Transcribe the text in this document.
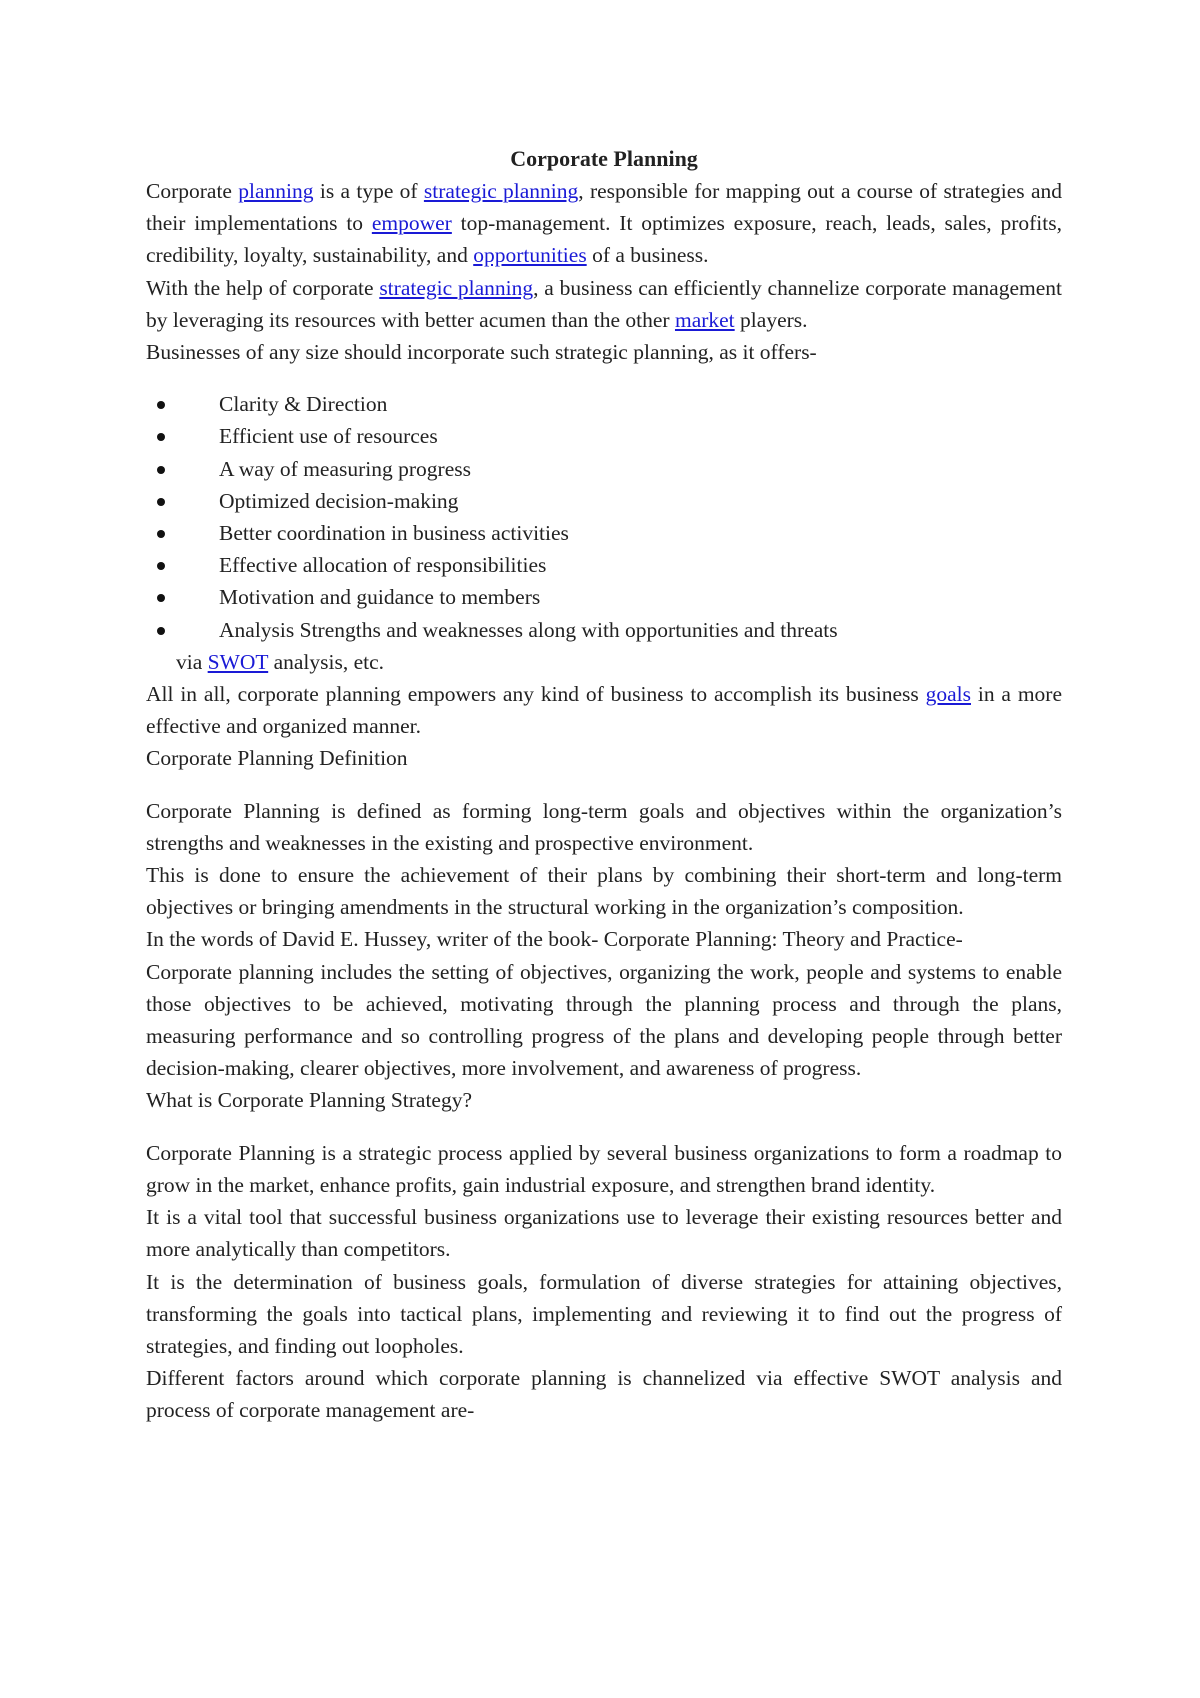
Corporate Planning

Corporate planning is a type of strategic planning, responsible for mapping out a course of strategies and their implementations to empower top-management. It optimizes exposure, reach, leads, sales, profits, credibility, loyalty, sustainability, and opportunities of a business.

With the help of corporate strategic planning, a business can efficiently channelize corporate management by leveraging its resources with better acumen than the other market players.

Businesses of any size should incorporate such strategic planning, as it offers-

Clarity & Direction
Efficient use of resources
A way of measuring progress
Optimized decision-making
Better coordination in business activities
Effective allocation of responsibilities
Motivation and guidance to members
Analysis Strengths and weaknesses along with opportunities and threats
via SWOT analysis, etc.

All in all, corporate planning empowers any kind of business to accomplish its business goals in a more effective and organized manner.

Corporate Planning Definition

Corporate Planning is defined as forming long-term goals and objectives within the organization’s strengths and weaknesses in the existing and prospective environment.

This is done to ensure the achievement of their plans by combining their short-term and long-term objectives or bringing amendments in the structural working in the organization’s composition.

In the words of David E. Hussey, writer of the book- Corporate Planning: Theory and Practice-

Corporate planning includes the setting of objectives, organizing the work, people and systems to enable those objectives to be achieved, motivating through the planning process and through the plans, measuring performance and so controlling progress of the plans and developing people through better decision-making, clearer objectives, more involvement, and awareness of progress.

What is Corporate Planning Strategy?

Corporate Planning is a strategic process applied by several business organizations to form a roadmap to grow in the market, enhance profits, gain industrial exposure, and strengthen brand identity.

It is a vital tool that successful business organizations use to leverage their existing resources better and more analytically than competitors.

It is the determination of business goals, formulation of diverse strategies for attaining objectives, transforming the goals into tactical plans, implementing and reviewing it to find out the progress of strategies, and finding out loopholes.

Different factors around which corporate planning is channelized via effective SWOT analysis and process of corporate management are-
